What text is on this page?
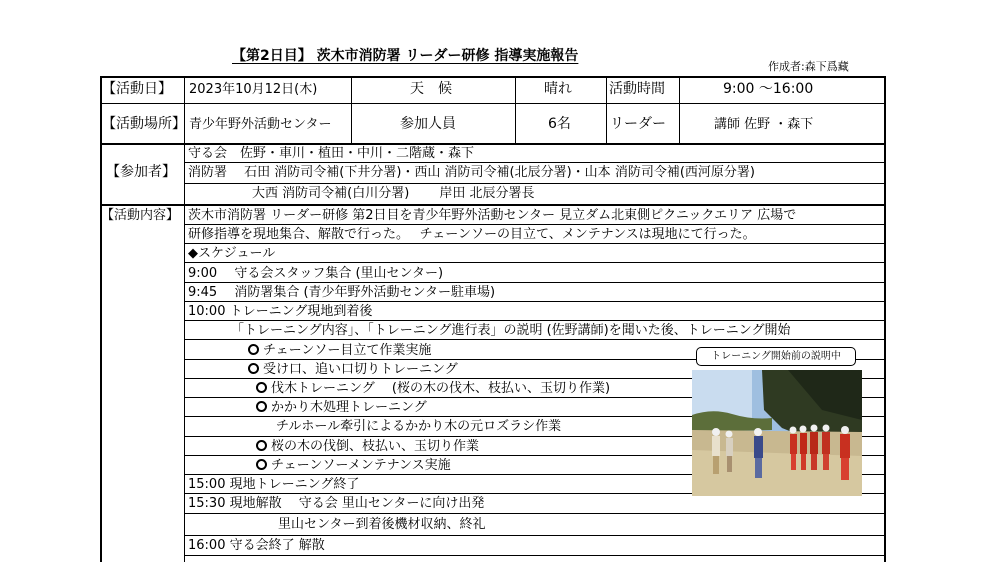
【第2日目】 茨木市消防署 リーダー研修 指導実施報告
作成者:森下爲藏
【活動日】 2023年10月12日(木)	天　候	晴れ	活動時間	9:00 ～16:00
【活動場所】 青少年野外活動センター	参加人員	6名	リーダー	講師 佐野 ・森下
【参加者】
守る会　佐野・車川・植田・中川・二階蔵・森下
消防署　 石田 消防司令補(下井分署)・西山 消防司令補(北辰分署)・山本 消防司令補(西河原分署)
大西 消防司令補(白川分署)　　 岸田 北辰分署長
【活動内容】 茨木市消防署 リーダー研修 第2日目を青少年野外活動センター 見立ダム北東側ピクニックエリア 広場で
研修指導を現地集合、解散で行った。　 チェーンソーの目立て、メンテナンスは現地にて行った。
◆スケジュール
9:00　 守る会スタッフ集合 (里山センター)
9:45　 消防署集合 (青少年野外活動センター駐車場)
10:00 トレーニング現地到着後
「トレーニング内容」、「トレーニング進行表」の説明 (佐野講師)を聞いた後、トレーニング開始
チェーンソー目立て作業実施
受け口、追い口切りトレーニング
伐木トレーニング　 (桜の木の伐木、枝払い、玉切り作業)
かかり木処理トレーニング
チルホール牽引によるかかり木の元ロズラシ作業
桜の木の伐倒、枝払い、玉切り作業
チェーンソーメンテナンス実施
15:00 現地トレーニング終了
15:30 現地解散　 守る会 里山センターに向け出発
里山センター到着後機材収納、終礼
16:00 守る会終了 解散
トレーニング開始前の説明中
